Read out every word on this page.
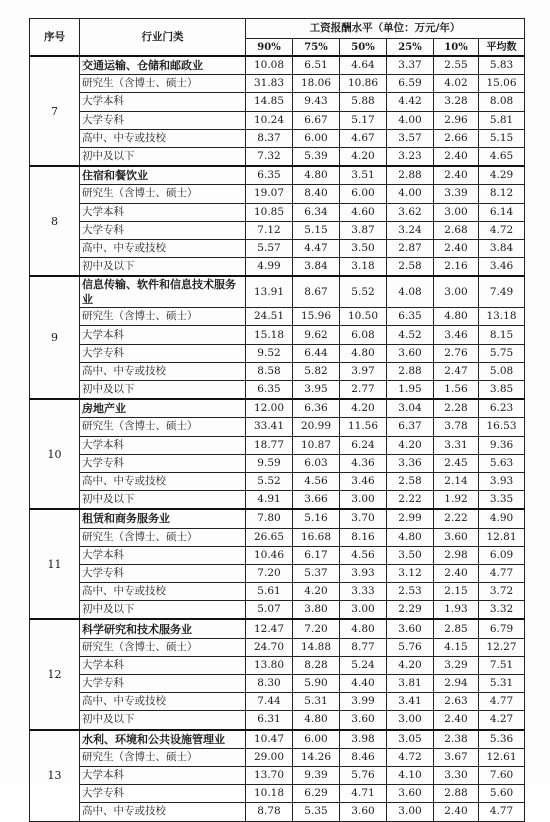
序号	行业门类	工资报酬水平（单位：万元/年）					
		90%	75%	50%	25%	10%	平均数
7	交通运输、仓储和邮政业	10.08	6.51	4.64	3.37	2.55	5.83
	研究生（含博士、硕士）	31.83	18.06	10.86	6.59	4.02	15.06
	大学本科	14.85	9.43	5.88	4.42	3.28	8.08
	大学专科	10.24	6.67	5.17	4.00	2.96	5.81
	高中、中专或技校	8.37	6.00	4.67	3.57	2.66	5.15
	初中及以下	7.32	5.39	4.20	3.23	2.40	4.65
8	住宿和餐饮业	6.35	4.80	3.51	2.88	2.40	4.29
	研究生（含博士、硕士）	19.07	8.40	6.00	4.00	3.39	8.12
	大学本科	10.85	6.34	4.60	3.62	3.00	6.14
	大学专科	7.12	5.15	3.87	3.24	2.68	4.72
	高中、中专或技校	5.57	4.47	3.50	2.87	2.40	3.84
	初中及以下	4.99	3.84	3.18	2.58	2.16	3.46
9	信息传输、软件和信息技术服务业	13.91	8.67	5.52	4.08	3.00	7.49
	研究生（含博士、硕士）	24.51	15.96	10.50	6.35	4.80	13.18
	大学本科	15.18	9.62	6.08	4.52	3.46	8.15
	大学专科	9.52	6.44	4.80	3.60	2.76	5.75
	高中、中专或技校	8.58	5.82	3.97	2.88	2.47	5.08
	初中及以下	6.35	3.95	2.77	1.95	1.56	3.85
10	房地产业	12.00	6.36	4.20	3.04	2.28	6.23
	研究生（含博士、硕士）	33.41	20.99	11.56	6.37	3.78	16.53
	大学本科	18.77	10.87	6.24	4.20	3.31	9.36
	大学专科	9.59	6.03	4.36	3.36	2.45	5.63
	高中、中专或技校	5.52	4.56	3.46	2.58	2.14	3.93
	初中及以下	4.91	3.66	3.00	2.22	1.92	3.35
11	租赁和商务服务业	7.80	5.16	3.70	2.99	2.22	4.90
	研究生（含博士、硕士）	26.65	16.68	8.16	4.80	3.60	12.81
	大学本科	10.46	6.17	4.56	3.50	2.98	6.09
	大学专科	7.20	5.37	3.93	3.12	2.40	4.77
	高中、中专或技校	5.61	4.20	3.33	2.53	2.15	3.72
	初中及以下	5.07	3.80	3.00	2.29	1.93	3.32
12	科学研究和技术服务业	12.47	7.20	4.80	3.60	2.85	6.79
	研究生（含博士、硕士）	24.70	14.88	8.77	5.76	4.15	12.27
	大学本科	13.80	8.28	5.24	4.20	3.29	7.51
	大学专科	8.30	5.90	4.40	3.81	2.94	5.31
	高中、中专或技校	7.44	5.31	3.99	3.41	2.63	4.77
	初中及以下	6.31	4.80	3.60	3.00	2.40	4.27
13	水利、环境和公共设施管理业	10.47	6.00	3.98	3.05	2.38	5.36
	研究生（含博士、硕士）	29.00	14.26	8.46	4.72	3.67	12.61
	大学本科	13.70	9.39	5.76	4.10	3.30	7.60
	大学专科	10.18	6.29	4.71	3.60	2.88	5.60
	高中、中专或技校	8.78	5.35	3.60	3.00	2.40	4.77
